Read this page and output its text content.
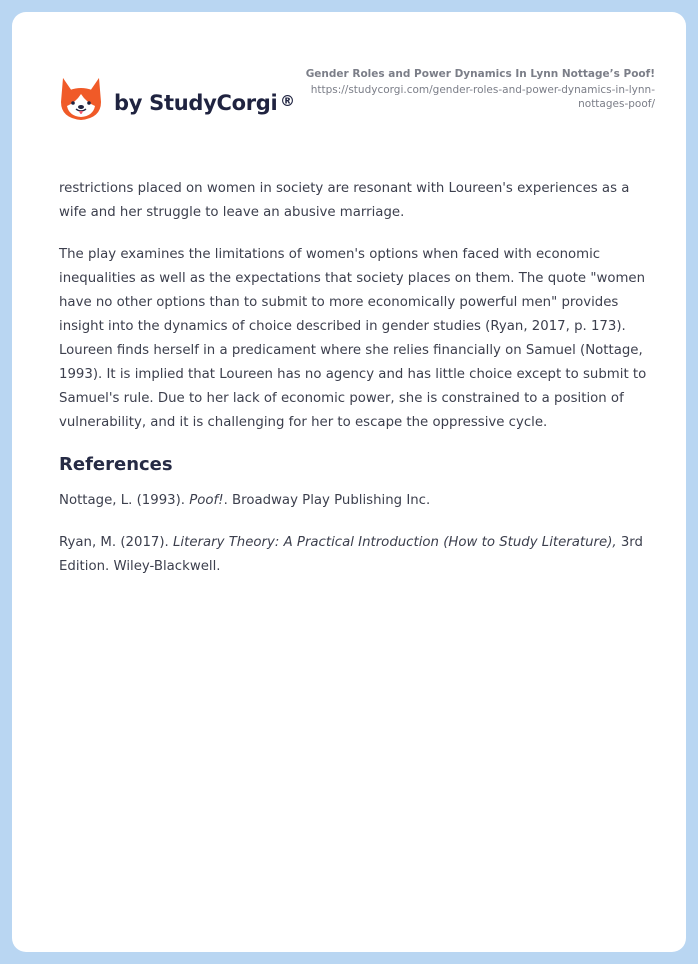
by StudyCorgi ®
Gender Roles and Power Dynamics In Lynn Nottage’s Poof!
https://studycorgi.com/gender-roles-and-power-dynamics-in-lynn-nottages-poof/

restrictions placed on women in society are resonant with Loureen's experiences as a wife and her struggle to leave an abusive marriage.

The play examines the limitations of women's options when faced with economic inequalities as well as the expectations that society places on them. The quote "women have no other options than to submit to more economically powerful men" provides insight into the dynamics of choice described in gender studies (Ryan, 2017, p. 173). Loureen finds herself in a predicament where she relies financially on Samuel (Nottage, 1993). It is implied that Loureen has no agency and has little choice except to submit to Samuel's rule. Due to her lack of economic power, she is constrained to a position of vulnerability, and it is challenging for her to escape the oppressive cycle.

References

Nottage, L. (1993). Poof!. Broadway Play Publishing Inc.

Ryan, M. (2017). Literary Theory: A Practical Introduction (How to Study Literature), 3rd Edition. Wiley-Blackwell.
